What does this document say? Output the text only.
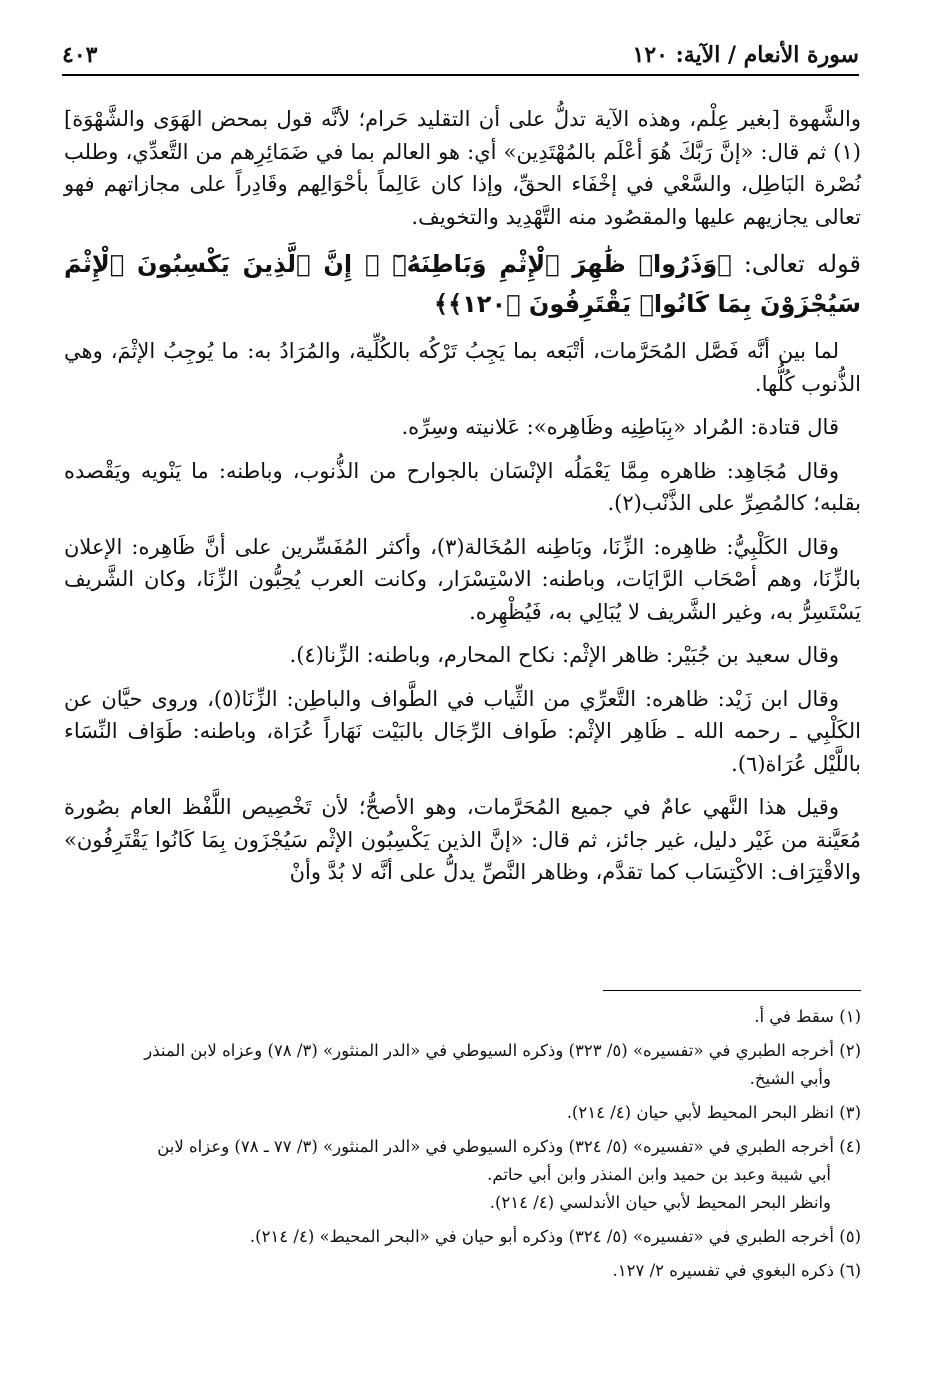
سورة الأنعام / الآية: ١٢٠
٤٠٣

والشَّهوة [بغير عِلْم، وهذه الآية تدلُّ على أن التقليد حَرام؛ لأنَّه قول بمحض الهَوَى والشَّهْوَة](١) ثم قال: «إنَّ رَبَّكَ هُوَ أعْلَم بالمُهْتَدِين» أي: هو العالم بما في ضَمَائِرِهم من التَّعدِّي، وطلب نُصْرة البَاطِل، والسَّعْي في إخْفَاء الحقِّ، وإذا كان عَالِماً بأحْوَالِهم وقَادِراً على مجازاتهم فهو تعالى يجازيهم عليها والمقصُود منه التَّهْدِيد والتخويف.

قوله تعالى: ﴿وَذَرُوا۟ ظَٰهِرَ ٱلْإِثْمِ وَبَاطِنَهُۥٓ ۚ إِنَّ ٱلَّذِينَ يَكْسِبُونَ ٱلْإِثْمَ سَيُجْزَوْنَ بِمَا كَانُوا۟ يَقْتَرِفُونَ ﴿١٢٠﴾﴾

لما بين أنَّه فَصَّل المُحَرَّمات، أتْبَعه بما يَجِبُ تَرْكُه بالكُلِّية، والمُرَادُ به: ما يُوجِبُ الإثْمَ، وهي الذُّنوب كُلُّها.

قال قتادة: المُراد «بِبَاطِنِه وظَاهِره»: عَلانيته وسِرِّه.

وقال مُجَاهِد: ظاهره مِمَّا يَعْمَلُه الإنْسَان بالجوارح من الذُّنوب، وباطنه: ما يَنْويه ويَقْصده بقلبه؛ كالمُصِرِّ على الذَّنْب(٢).

وقال الكَلْبِيُّ: ظاهِره: الزِّنَا، وبَاطِنه المُخَالة(٣)، وأكثر المُفَسِّرين على أنَّ ظَاهِره: الإعلان بالزِّنَا، وهم أصْحَاب الرَّايَات، وباطنه: الاسْتِسْرَار، وكانت العرب يُحِبُّون الزِّنَا، وكان الشَّريف يَسْتَسِرُّ به، وغير الشَّريف لا يُبَالِي به، فَيُظْهِره.

وقال سعيد بن جُبَيْر: ظاهر الإثْم: نكاح المحارم، وباطنه: الزِّنا(٤).

وقال ابن زَيْد: ظاهره: التَّعرِّي من الثِّياب في الطَّواف والباطِن: الزِّنَا(٥)، وروى حيَّان عن الكَلْبِي ـ رحمه الله ـ ظَاهِر الإثْم: طَواف الرِّجَال بالبَيْت نَهَاراً عُرَاة، وباطنه: طَوَاف النِّسَاء باللَّيْل عُرَاة(٦).

وقيل هذا النَّهي عامٌ في جميع المُحَرَّمات، وهو الأصحُّ؛ لأن تَخْصِيص اللَّفْظ العام بصُورة مُعَيَّنة من غَيْر دليل، غير جائز، ثم قال: «إنَّ الذين يَكْسِبُون الإثْم سَيُجْزَون بِمَا كَانُوا يَقْتَرِفُون» والاقْتِرَاف: الاكْتِسَاب كما تقدَّم، وظاهر النَّصِّ يدلُّ على أنَّه لا بُدَّ وأنْ

(١) سقط في أ.
(٢) أخرجه الطبري في «تفسيره» (٥/ ٣٢٣) وذكره السيوطي في «الدر المنثور» (٣/ ٧٨) وعزاه لابن المنذر
وأبي الشيخ.
(٣) انظر البحر المحيط لأبي حيان (٤/ ٢١٤).
(٤) أخرجه الطبري في «تفسيره» (٥/ ٣٢٤) وذكره السيوطي في «الدر المنثور» (٣/ ٧٧ ـ ٧٨) وعزاه لابن
أبي شيبة وعبد بن حميد وابن المنذر وابن أبي حاتم.
وانظر البحر المحيط لأبي حيان الأندلسي (٤/ ٢١٤).
(٥) أخرجه الطبري في «تفسيره» (٥/ ٣٢٤) وذكره أبو حيان في «البحر المحيط» (٤/ ٢١٤).
(٦) ذكره البغوي في تفسيره ٢/ ١٢٧.
